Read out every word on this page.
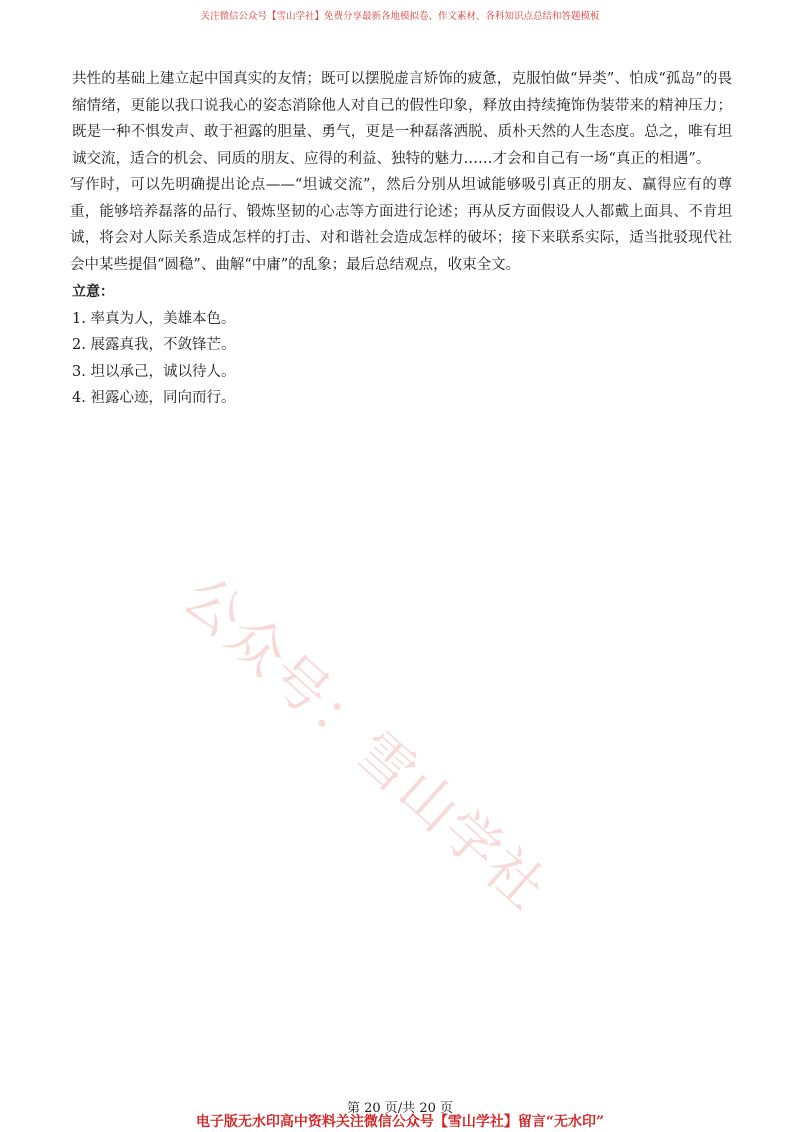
关注微信公众号【雪山学社】免费分享最新各地模拟卷、作文素材、各科知识点总结和答题模板

共性的基础上建立起中国真实的友情；既可以摆脱虚言矫饰的疲惫，克服怕做“异类”、怕成“孤岛”的畏缩情绪，更能以我口说我心的姿态消除他人对自己的假性印象，释放由持续掩饰伪装带来的精神压力；既是一种不惧发声、敢于袒露的胆量、勇气，更是一种磊落洒脱、质朴天然的人生态度。总之，唯有坦诚交流，适合的机会、同质的朋友、应得的利益、独特的魅力……才会和自己有一场“真正的相遇”。

写作时，可以先明确提出论点——“坦诚交流”，然后分别从坦诚能够吸引真正的朋友、赢得应有的尊重，能够培养磊落的品行、锻炼坚韧的心志等方面进行论述；再从反方面假设人人都戴上面具、不肯坦诚，将会对人际关系造成怎样的打击、对和谐社会造成怎样的破坏；接下来联系实际，适当批驳现代社会中某些提倡“圆稳”、曲解“中庸”的乱象；最后总结观点，收束全文。

立意：

1. 率真为人，美雄本色。
2. 展露真我，不敛锋芒。
3. 坦以承己，诚以待人。
4. 袒露心迹，同向而行。
公众号：雪山学社
第 20 页/共 20 页
电子版无水印高中资料关注微信公众号【雪山学社】留言“无水印”
